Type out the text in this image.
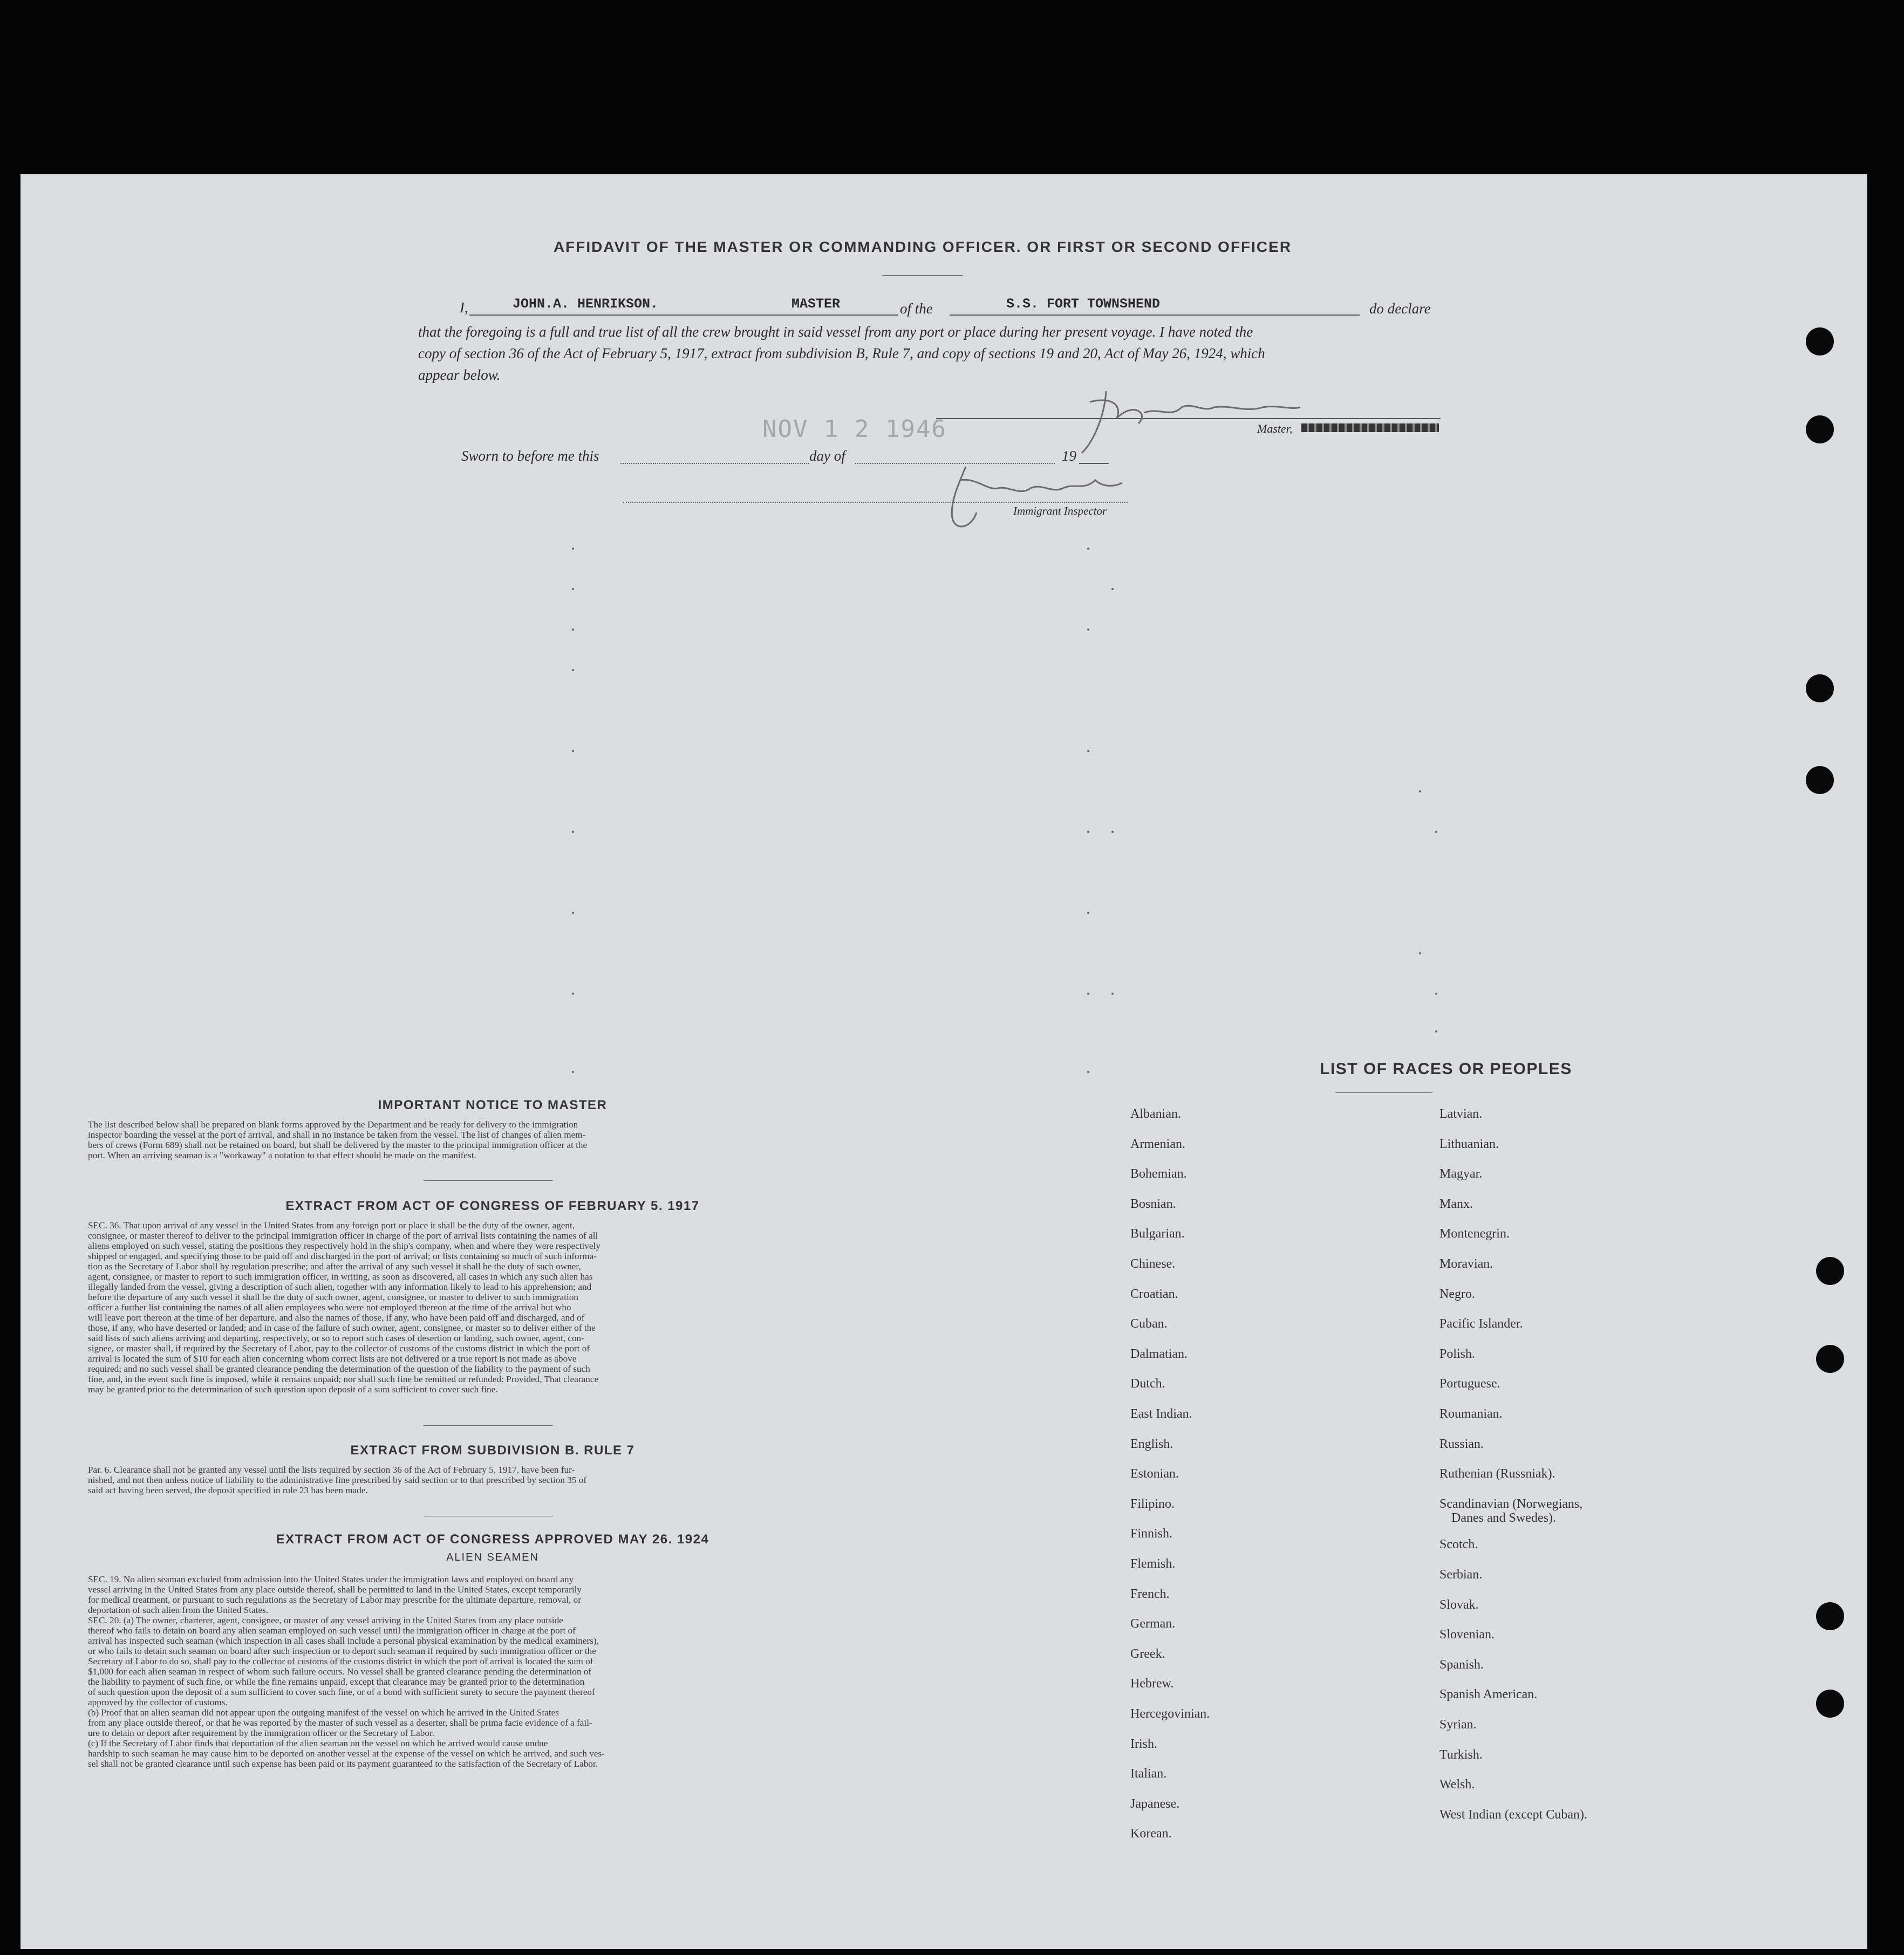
AFFIDAVIT OF THE MASTER OR COMMANDING OFFICER. OR FIRST OR SECOND OFFICER
I,	JOHN.A. HENRIKSON.	MASTER	of the	S.S. FORT TOWNSHEND	do declare
that the foregoing is a full and true list of all the crew brought in said vessel from any port or place during her present voyage. I have noted the
copy of section 36 of the Act of February 5, 1917, extract from subdivision B, Rule 7, and copy of sections 19 and 20, Act of May 26, 1924, which
appear below.
Master,
NOV 1 2 1946
Sworn to before me this	day of	19
Immigrant Inspector
IMPORTANT NOTICE TO MASTER
The list described below shall be prepared on blank forms approved by the Department and be ready for delivery to the immigration
inspector boarding the vessel at the port of arrival, and shall in no instance be taken from the vessel. The list of changes of alien mem-
bers of crews (Form 689) shall not be retained on board, but shall be delivered by the master to the principal immigration officer at the
port. When an arriving seaman is a "workaway" a notation to that effect should be made on the manifest.
EXTRACT FROM ACT OF CONGRESS OF FEBRUARY 5. 1917
SEC. 36. That upon arrival of any vessel in the United States from any foreign port or place it shall be the duty of the owner, agent,
consignee, or master thereof to deliver to the principal immigration officer in charge of the port of arrival lists containing the names of all
aliens employed on such vessel, stating the positions they respectively hold in the ship's company, when and where they were respectively
shipped or engaged, and specifying those to be paid off and discharged in the port of arrival; or lists containing so much of such informa-
tion as the Secretary of Labor shall by regulation prescribe; and after the arrival of any such vessel it shall be the duty of such owner,
agent, consignee, or master to report to such immigration officer, in writing, as soon as discovered, all cases in which any such alien has
illegally landed from the vessel, giving a description of such alien, together with any information likely to lead to his apprehension; and
before the departure of any such vessel it shall be the duty of such owner, agent, consignee, or master to deliver to such immigration
officer a further list containing the names of all alien employees who were not employed thereon at the time of the arrival but who
will leave port thereon at the time of her departure, and also the names of those, if any, who have been paid off and discharged, and of
those, if any, who have deserted or landed; and in case of the failure of such owner, agent, consignee, or master so to deliver either of the
said lists of such aliens arriving and departing, respectively, or so to report such cases of desertion or landing, such owner, agent, con-
signee, or master shall, if required by the Secretary of Labor, pay to the collector of customs of the customs district in which the port of
arrival is located the sum of $10 for each alien concerning whom correct lists are not delivered or a true report is not made as above
required; and no such vessel shall be granted clearance pending the determination of the question of the liability to the payment of such
fine, and, in the event such fine is imposed, while it remains unpaid; nor shall such fine be remitted or refunded: Provided, That clearance
may be granted prior to the determination of such question upon deposit of a sum sufficient to cover such fine.
EXTRACT FROM SUBDIVISION B. RULE 7
Par. 6. Clearance shall not be granted any vessel until the lists required by section 36 of the Act of February 5, 1917, have been fur-
nished, and not then unless notice of liability to the administrative fine prescribed by said section or to that prescribed by section 35 of
said act having been served, the deposit specified in rule 23 has been made.
EXTRACT FROM ACT OF CONGRESS APPROVED MAY 26. 1924
ALIEN SEAMEN
SEC. 19. No alien seaman excluded from admission into the United States under the immigration laws and employed on board any
vessel arriving in the United States from any place outside thereof, shall be permitted to land in the United States, except temporarily
for medical treatment, or pursuant to such regulations as the Secretary of Labor may prescribe for the ultimate departure, removal, or
deportation of such alien from the United States.
SEC. 20. (a) The owner, charterer, agent, consignee, or master of any vessel arriving in the United States from any place outside
thereof who fails to detain on board any alien seaman employed on such vessel until the immigration officer in charge at the port of
arrival has inspected such seaman (which inspection in all cases shall include a personal physical examination by the medical examiners),
or who fails to detain such seaman on board after such inspection or to deport such seaman if required by such immigration officer or the
Secretary of Labor to do so, shall pay to the collector of customs of the customs district in which the port of arrival is located the sum of
$1,000 for each alien seaman in respect of whom such failure occurs. No vessel shall be granted clearance pending the determination of
the liability to payment of such fine, or while the fine remains unpaid, except that clearance may be granted prior to the determination
of such question upon the deposit of a sum sufficient to cover such fine, or of a bond with sufficient surety to secure the payment thereof
approved by the collector of customs.
(b) Proof that an alien seaman did not appear upon the outgoing manifest of the vessel on which he arrived in the United States
from any place outside thereof, or that he was reported by the master of such vessel as a deserter, shall be prima facie evidence of a fail-
ure to detain or deport after requirement by the immigration officer or the Secretary of Labor.
(c) If the Secretary of Labor finds that deportation of the alien seaman on the vessel on which he arrived would cause undue
hardship to such seaman he may cause him to be deported on another vessel at the expense of the vessel on which he arrived, and such ves-
sel shall not be granted clearance until such expense has been paid or its payment guaranteed to the satisfaction of the Secretary of Labor.
LIST OF RACES OR PEOPLES
Albanian.
Armenian.
Bohemian.
Bosnian.
Bulgarian.
Chinese.
Croatian.
Cuban.
Dalmatian.
Dutch.
East Indian.
English.
Estonian.
Filipino.
Finnish.
Flemish.
French.
German.
Greek.
Hebrew.
Hercegovinian.
Irish.
Italian.
Japanese.
Korean.
Latvian.
Lithuanian.
Magyar.
Manx.
Montenegrin.
Moravian.
Negro.
Pacific Islander.
Polish.
Portuguese.
Roumanian.
Russian.
Ruthenian (Russniak).
Scandinavian (Norwegians,
Danes and Swedes).
Scotch.
Serbian.
Slovak.
Slovenian.
Spanish.
Spanish American.
Syrian.
Turkish.
Welsh.
West Indian (except Cuban).
